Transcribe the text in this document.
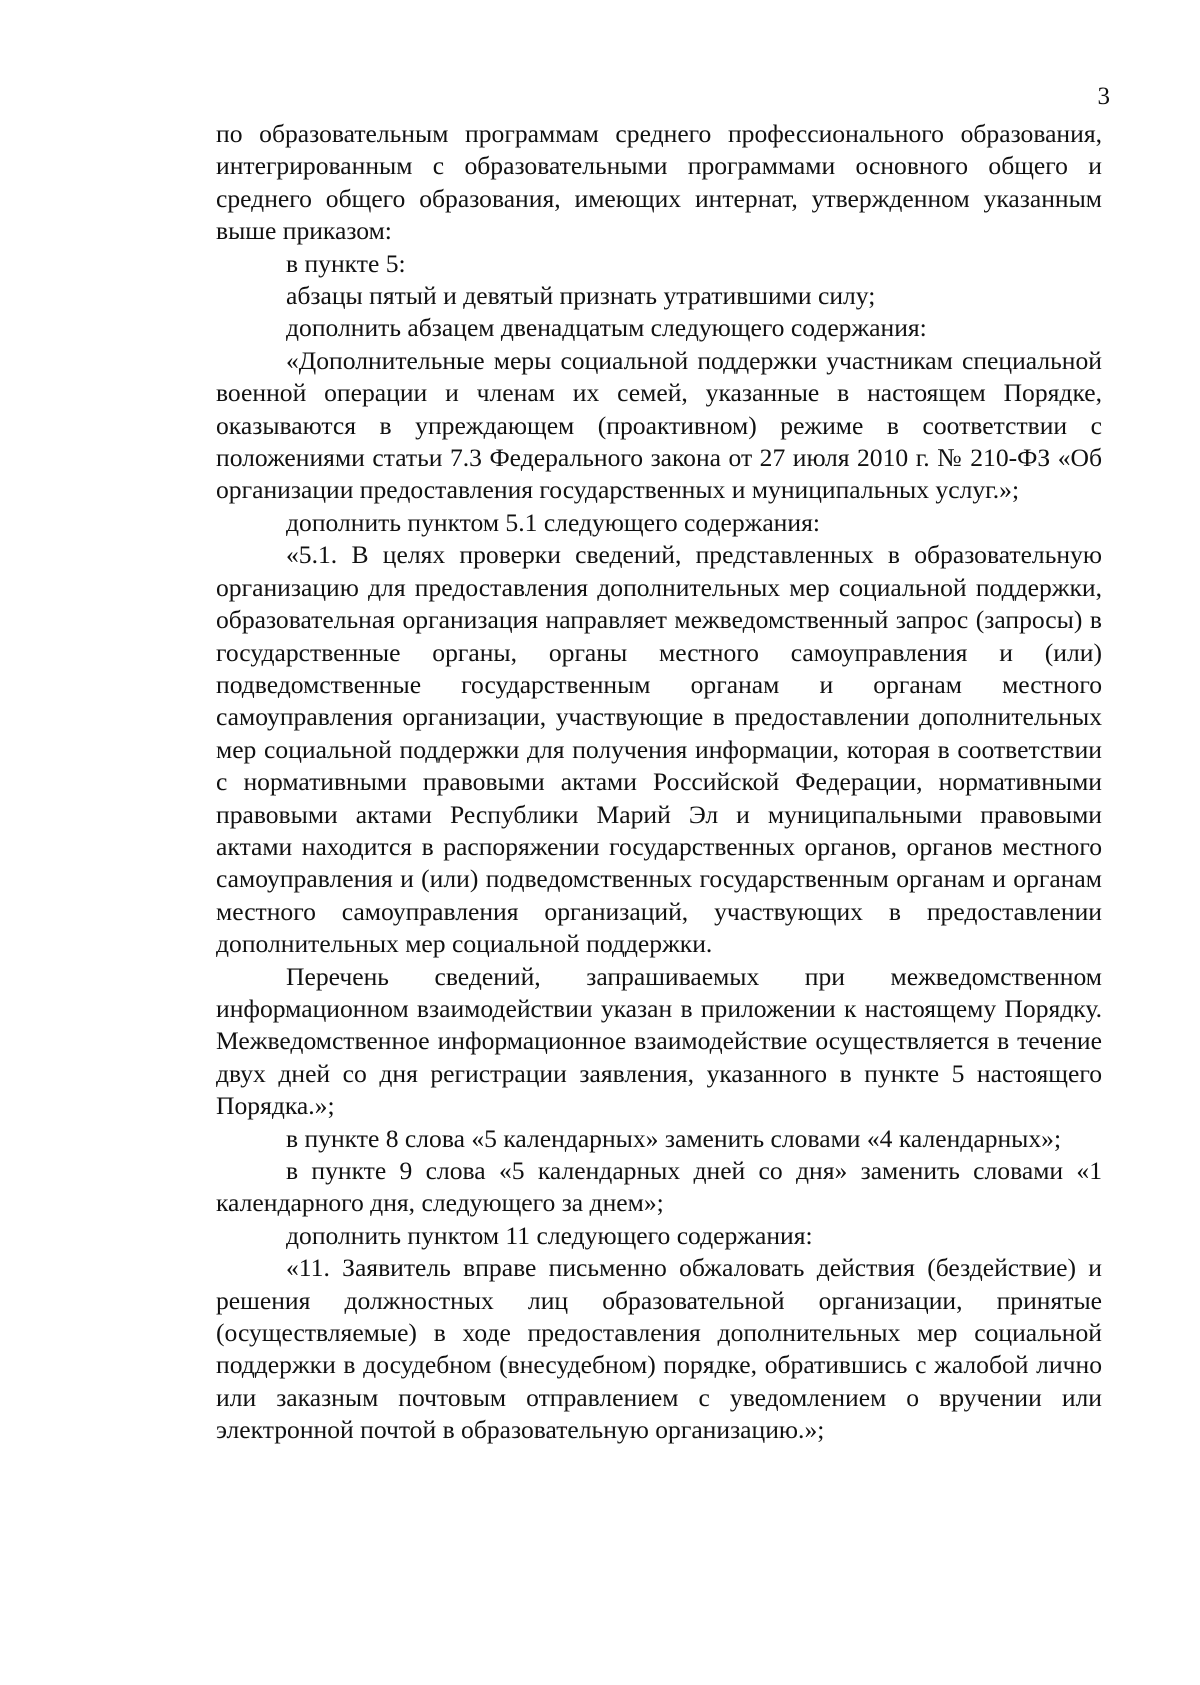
3

по образовательным программам среднего профессионального образования, интегрированным с образовательными программами основного общего и среднего общего образования, имеющих интернат, утвержденном указанным выше приказом:

в пункте 5:

абзацы пятый и девятый признать утратившими силу;

дополнить абзацем двенадцатым следующего содержания:

«Дополнительные меры социальной поддержки участникам специальной военной операции и членам их семей, указанные в настоящем Порядке, оказываются в упреждающем (проактивном) режиме в соответствии с положениями статьи 7.3 Федерального закона от 27 июля 2010 г. № 210-ФЗ «Об организации предоставления государственных и муниципальных услуг.»;

дополнить пунктом 5.1 следующего содержания:

«5.1. В целях проверки сведений, представленных в образовательную организацию для предоставления дополнительных мер социальной поддержки, образовательная организация направляет межведомственный запрос (запросы) в государственные органы, органы местного самоуправления и (или) подведомственные государственным органам и органам местного самоуправления организации, участвующие в предоставлении дополнительных мер социальной поддержки для получения информации, которая в соответствии с нормативными правовыми актами Российской Федерации, нормативными правовыми актами Республики Марий Эл и муниципальными правовыми актами находится в распоряжении государственных органов, органов местного самоуправления и (или) подведомственных государственным органам и органам местного самоуправления организаций, участвующих в предоставлении дополнительных мер социальной поддержки.

Перечень сведений, запрашиваемых при межведомственном информационном взаимодействии указан в приложении к настоящему Порядку. Межведомственное информационное взаимодействие осуществляется в течение двух дней со дня регистрации заявления, указанного в пункте 5 настоящего Порядка.»;

в пункте 8 слова «5 календарных» заменить словами «4 календарных»;

в пункте 9 слова «5 календарных дней со дня» заменить словами «1 календарного дня, следующего за днем»;

дополнить пунктом 11 следующего содержания:

«11. Заявитель вправе письменно обжаловать действия (бездействие) и решения должностных лиц образовательной организации, принятые (осуществляемые) в ходе предоставления дополнительных мер социальной поддержки в досудебном (внесудебном) порядке, обратившись с жалобой лично или заказным почтовым отправлением с уведомлением о вручении или электронной почтой в образовательную организацию.»;
